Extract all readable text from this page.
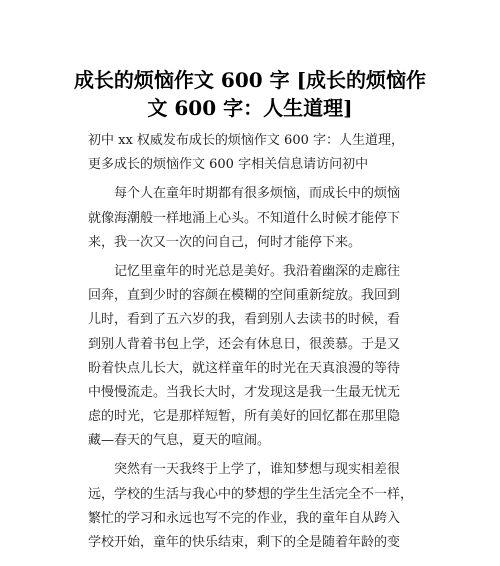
成长的烦恼作文 600 字 [成长的烦恼作
文 600 字：人生道理]
初中 xx 权威发布成长的烦恼作文 600 字：人生道理，
更多成长的烦恼作文 600 字相关信息请访问初中
　　每个人在童年时期都有很多烦恼，而成长中的烦恼
就像海潮般一样地涌上心头。不知道什么时候才能停下
来，我一次又一次的问自己，何时才能停下来。
　　记忆里童年的时光总是美好。我沿着幽深的走廊往
回奔，直到少时的容颜在模糊的空间重新绽放。我回到
儿时，看到了五六岁的我，看到别人去读书的时候，看
到别人背着书包上学，还会有休息日，很羡慕。于是又
盼着快点儿长大，就这样童年的时光在天真浪漫的等待
中慢慢流走。当我长大时，才发现这是我一生最无忧无
虑的时光，它是那样短暂，所有美好的回忆都在那里隐
藏—春天的气息，夏天的喧闹。
　　突然有一天我终于上学了，谁知梦想与现实相差很
远，学校的生活与我心中的梦想的学生生活完全不一样，
繁忙的学习和永远也写不完的作业，我的童年自从跨入
学校开始，童年的快乐结束，剩下的全是随着年龄的变
